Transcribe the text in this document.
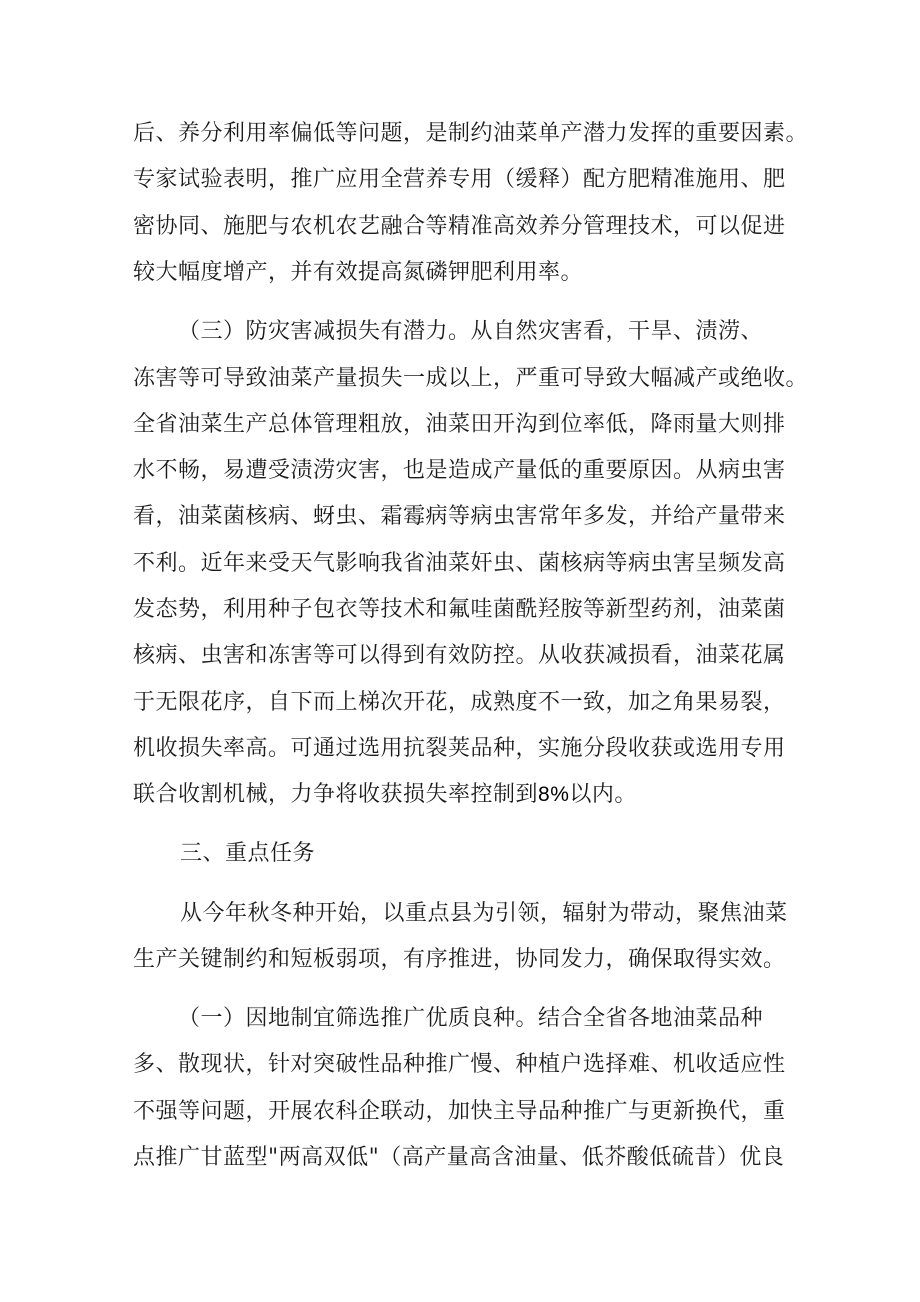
后、养分利用率偏低等问题，是制约油菜单产潜力发挥的重要因素。
专家试验表明，推广应用全营养专用（缓释）配方肥精准施用、肥
密协同、施肥与农机农艺融合等精准高效养分管理技术，可以促进
较大幅度增产，并有效提高氮磷钾肥利用率。
（三）防灾害减损失有潜力。从自然灾害看，干旱、渍涝、
冻害等可导致油菜产量损失一成以上，严重可导致大幅减产或绝收。
全省油菜生产总体管理粗放，油菜田开沟到位率低，降雨量大则排
水不畅，易遭受渍涝灾害，也是造成产量低的重要原因。从病虫害
看，油菜菌核病、蚜虫、霜霉病等病虫害常年多发，并给产量带来
不利。近年来受天气影响我省油菜奸虫、菌核病等病虫害呈频发高
发态势，利用种子包衣等技术和氟哇菌酰羟胺等新型药剂，油菜菌
核病、虫害和冻害等可以得到有效防控。从收获减损看，油菜花属
于无限花序，自下而上梯次开花，成熟度不一致，加之角果易裂，
机收损失率高。可通过选用抗裂荚品种，实施分段收获或选用专用
联合收割机械，力争将收获损失率控制到8%以内。
三、重点任务
从今年秋冬种开始，以重点县为引领，辐射为带动，聚焦油菜
生产关键制约和短板弱项，有序推进，协同发力，确保取得实效。
（一）因地制宜筛选推广优质良种。结合全省各地油菜品种
多、散现状，针对突破性品种推广慢、种植户选择难、机收适应性
不强等问题，开展农科企联动，加快主导品种推广与更新换代，重
点推广甘蓝型"两高双低"（高产量高含油量、低芥酸低硫昔）优良
